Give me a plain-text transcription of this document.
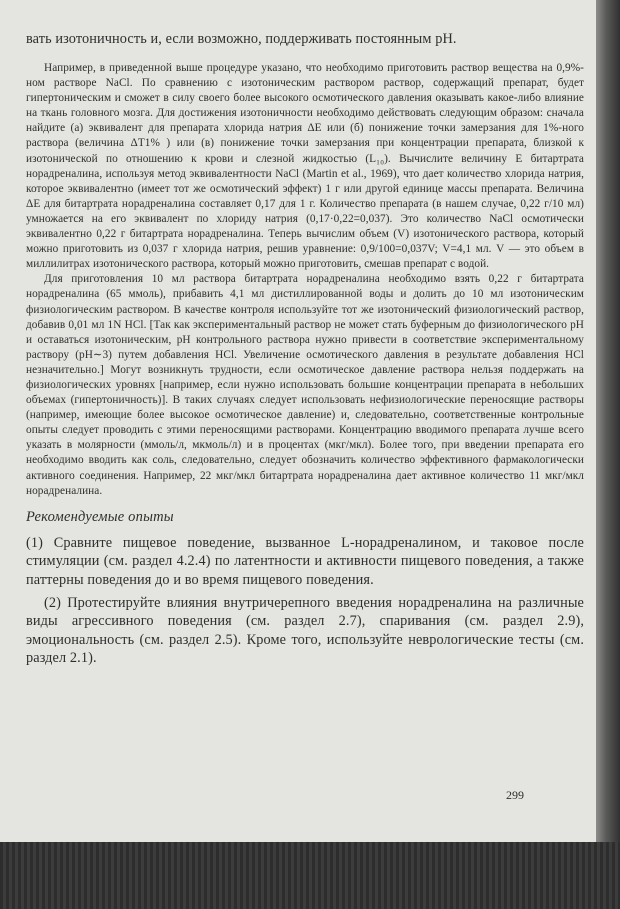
вать изотоничность и, если возможно, поддерживать постоянным pH.

Например, в приведенной выше процедуре указано, что необходимо приготовить раствор вещества на 0,9%-ном растворе NaCl. По сравнению с изотоническим раствором раствор, содержащий препарат, будет гипертоническим и сможет в силу своего более высокого осмотического давления оказывать какое-либо влияние на ткань головного мозга. Для достижения изотоничности необходимо действовать следующим образом: сначала найдите (а) эквивалент для препарата хлорида натрия ΔE или (б) понижение точки замерзания для 1%-ного раствора (величина ΔT1% ) или (в) понижение точки замерзания при концентрации препарата, близкой к изотонической по отношению к крови и слезной жидкостью (L₁₀). Вычислите величину E битартрата норадреналина, используя метод эквивалентности NaCl (Martin et al., 1969), что дает количество хлорида натрия, которое эквивалентно (имеет тот же осмотический эффект) 1 г или другой единице массы препарата. Величина ΔE для битартрата норадреналина составляет 0,17 для 1 г. Количество препарата (в нашем случае, 0,22 г/10 мл) умножается на его эквивалент по хлориду натрия (0,17·0,22=0,037). Это количество NaCl осмотически эквивалентно 0,22 г битартрата норадреналина. Теперь вычислим объем (V) изотонического раствора, который можно приготовить из 0,037 г хлорида натрия, решив уравнение: 0,9/100=0,037V; V=4,1 мл. V — это объем в миллилитрах изотонического раствора, который можно приготовить, смешав препарат с водой.

Для приготовления 10 мл раствора битартрата норадреналина необходимо взять 0,22 г битартрата норадреналина (65 ммоль), прибавить 4,1 мл дистиллированной воды и долить до 10 мл изотоническим физиологическим раствором. В качестве контроля используйте тот же изотонический физиологический раствор, добавив 0,01 мл 1N HCl. [Так как экспериментальный раствор не может стать буферным до физиологического pH и оставаться изотоническим, pH контрольного раствора нужно привести в соответствие экспериментальному раствору (pH∼3) путем добавления HCl. Увеличение осмотического давления в результате добавления HCl незначительно.] Могут возникнуть трудности, если осмотическое давление раствора нельзя поддержать на физиологических уровнях [например, если нужно использовать большие концентрации препарата в небольших объемах (гипертоничность)]. В таких случаях следует использовать нефизиологические переносящие растворы (например, имеющие более высокое осмотическое давление) и, следовательно, соответственные контрольные опыты следует проводить с этими переносящими растворами. Концентрацию вводимого препарата лучше всего указать в молярности (ммоль/л, мкмоль/л) и в процентах (мкг/мкл). Более того, при введении препарата его необходимо вводить как соль, следовательно, следует обозначить количество эффективного фармакологически активного соединения. Например, 22 мкг/мкл битартрата норадреналина дает активное количество 11 мкг/мкл норадреналина.

Рекомендуемые опыты

(1) Сравните пищевое поведение, вызванное L-норадреналином, и таковое после стимуляции (см. раздел 4.2.4) по латентности и активности пищевого поведения, а также паттерны поведения до и во время пищевого поведения.

(2) Протестируйте влияния внутричерепного введения норадреналина на различные виды агрессивного поведения (см. раздел 2.7), спаривания (см. раздел 2.9), эмоциональность (см. раздел 2.5). Кроме того, используйте неврологические тесты (см. раздел 2.1).

299
